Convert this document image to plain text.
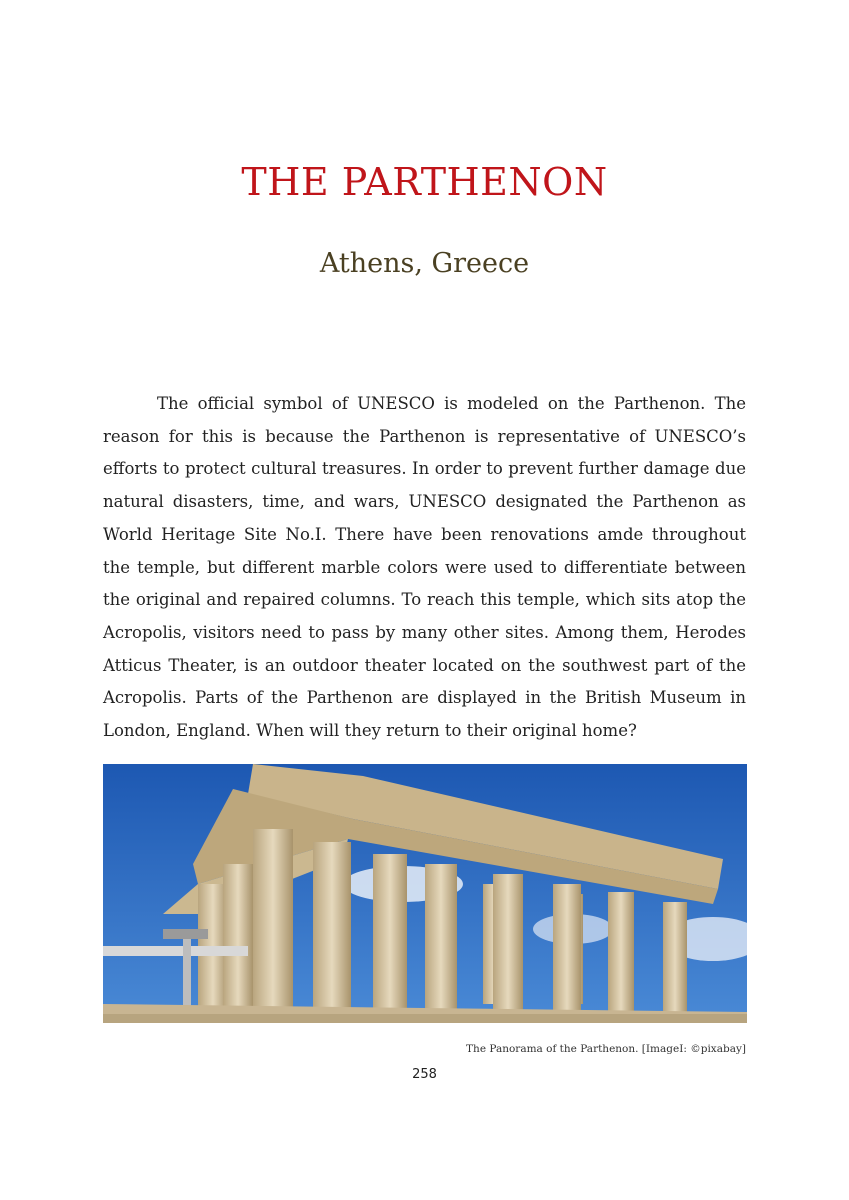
THE PARTHENON
Athens, Greece

The official symbol of UNESCO is modeled on the Parthenon. The reason for this is because the Parthenon is representative of UNESCO’s efforts to protect cultural treasures. In order to prevent further damage due natural disasters, time, and wars, UNESCO designated the Parthenon as World Heritage Site No.I. There have been renovations amde throughout the temple, but different marble colors were used to differentiate between the original and repaired columns. To reach this temple, which sits atop the Acropolis, visitors need to pass by many other sites. Among them, Herodes Atticus Theater, is an outdoor theater located on the southwest part of the Acropolis. Parts of the Parthenon are displayed in the British Museum in London, England. When will they return to their original home?

The Panorama of the Parthenon. [ImageI: ©pixabay]

258
